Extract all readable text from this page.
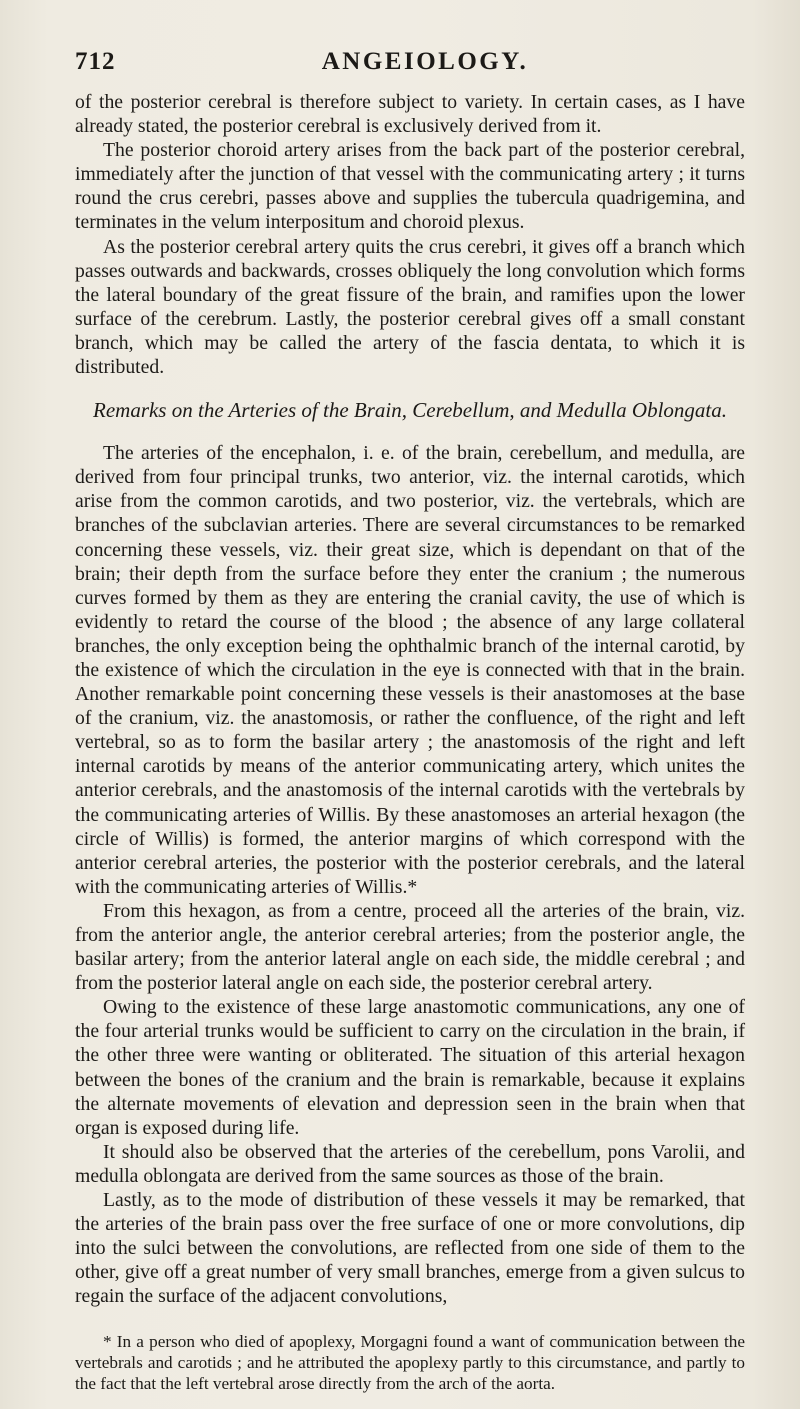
712	ANGEIOLOGY.

of the posterior cerebral is therefore subject to variety. In certain cases, as I have already stated, the posterior cerebral is exclusively derived from it.

The posterior choroid artery arises from the back part of the posterior cerebral, immediately after the junction of that vessel with the communicating artery ; it turns round the crus cerebri, passes above and supplies the tubercula quadrigemina, and terminates in the velum interpositum and choroid plexus.

As the posterior cerebral artery quits the crus cerebri, it gives off a branch which passes outwards and backwards, crosses obliquely the long convolution which forms the lateral boundary of the great fissure of the brain, and ramifies upon the lower surface of the cerebrum. Lastly, the posterior cerebral gives off a small constant branch, which may be called the artery of the fascia dentata, to which it is distributed.

Remarks on the Arteries of the Brain, Cerebellum, and Medulla Oblongata.

The arteries of the encephalon, i. e. of the brain, cerebellum, and medulla, are derived from four principal trunks, two anterior, viz. the internal carotids, which arise from the common carotids, and two posterior, viz. the vertebrals, which are branches of the subclavian arteries. There are several circumstances to be remarked concerning these vessels, viz. their great size, which is dependant on that of the brain; their depth from the surface before they enter the cranium ; the numerous curves formed by them as they are entering the cranial cavity, the use of which is evidently to retard the course of the blood ; the absence of any large collateral branches, the only exception being the ophthalmic branch of the internal carotid, by the existence of which the circulation in the eye is connected with that in the brain. Another remarkable point concerning these vessels is their anastomoses at the base of the cranium, viz. the anastomosis, or rather the confluence, of the right and left vertebral, so as to form the basilar artery ; the anastomosis of the right and left internal carotids by means of the anterior communicating artery, which unites the anterior cerebrals, and the anastomosis of the internal carotids with the vertebrals by the communicating arteries of Willis. By these anastomoses an arterial hexagon (the circle of Willis) is formed, the anterior margins of which correspond with the anterior cerebral arteries, the posterior with the posterior cerebrals, and the lateral with the communicating arteries of Willis.*

From this hexagon, as from a centre, proceed all the arteries of the brain, viz. from the anterior angle, the anterior cerebral arteries; from the posterior angle, the basilar artery; from the anterior lateral angle on each side, the middle cerebral ; and from the posterior lateral angle on each side, the posterior cerebral artery.

Owing to the existence of these large anastomotic communications, any one of the four arterial trunks would be sufficient to carry on the circulation in the brain, if the other three were wanting or obliterated. The situation of this arterial hexagon between the bones of the cranium and the brain is remarkable, because it explains the alternate movements of elevation and depression seen in the brain when that organ is exposed during life.

It should also be observed that the arteries of the cerebellum, pons Varolii, and medulla oblongata are derived from the same sources as those of the brain.

Lastly, as to the mode of distribution of these vessels it may be remarked, that the arteries of the brain pass over the free surface of one or more convolutions, dip into the sulci between the convolutions, are reflected from one side of them to the other, give off a great number of very small branches, emerge from a given sulcus to regain the surface of the adjacent convolutions,

* In a person who died of apoplexy, Morgagni found a want of communication between the vertebrals and carotids ; and he attributed the apoplexy partly to this circumstance, and partly to the fact that the left vertebral arose directly from the arch of the aorta.
